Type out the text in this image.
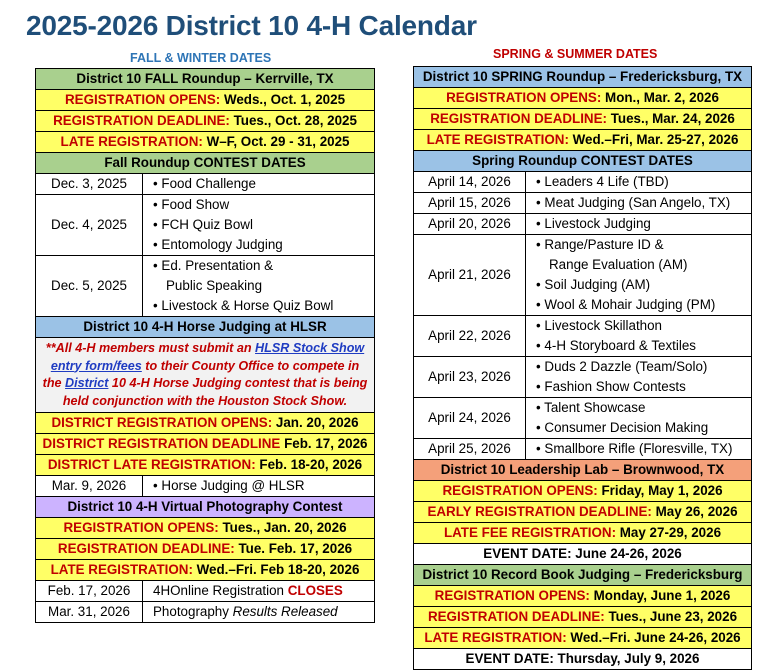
2025-2026 District 10 4-H Calendar
FALL & WINTER DATES	SPRING & SUMMER DATES
District 10 FALL Roundup – Kerrville, TX	
REGISTRATION OPENS: Weds., Oct. 1, 2025	
REGISTRATION DEADLINE: Tues., Oct. 28, 2025	
LATE REGISTRATION: W–F, Oct. 29 - 31, 2025	
Fall Roundup CONTEST DATES	
Dec. 3, 2025	• Food Challenge

Dec. 4, 2025	• Food Show
• FCH Quiz Bowl
• Entomology Judging

Dec. 5, 2025	• Ed. Presentation &
Public Speaking
• Livestock & Horse Quiz Bowl

District 10 4-H Horse Judging at HLSR	
**All 4-H members must submit an HLSR Stock Show entry form/fees to their County Office to compete in the District 10 4-H Horse Judging contest that is being held conjunction with the Houston Stock Show.	
DISTRICT REGISTRATION OPENS: Jan. 20, 2026	
DISTRICT REGISTRATION DEADLINE Feb. 17, 2026	
DISTRICT LATE REGISTRATION: Feb. 18-20, 2026	
Mar. 9, 2026	• Horse Judging @ HLSR
District 10 4-H Virtual Photography Contest	
REGISTRATION OPENS: Tues., Jan. 20, 2026	
REGISTRATION DEADLINE: Tue. Feb. 17, 2026	
LATE REGISTRATION: Wed.–Fri. Feb 18-20, 2026	
Feb. 17, 2026	4HOnline Registration CLOSES
Mar. 31, 2026	Photography Results Released
District 10 SPRING Roundup – Fredericksburg, TX	
REGISTRATION OPENS: Mon., Mar. 2, 2026	
REGISTRATION DEADLINE: Tues., Mar. 24, 2026	
LATE REGISTRATION: Wed.–Fri, Mar. 25-27, 2026	
Spring Roundup CONTEST DATES	
April 14, 2026	• Leaders 4 Life (TBD)

April 15, 2026	• Meat Judging (San Angelo, TX)

April 20, 2026	• Livestock Judging

April 21, 2026	• Range/Pasture ID &
Range Evaluation (AM)
• Soil Judging (AM)
• Wool & Mohair Judging (PM)

April 22, 2026	• Livestock Skillathon
• 4-H Storyboard & Textiles

April 23, 2026	• Duds 2 Dazzle (Team/Solo)
• Fashion Show Contests

April 24, 2026	• Talent Showcase
• Consumer Decision Making

April 25, 2026	• Smallbore Rifle (Floresville, TX)

District 10 Leadership Lab – Brownwood, TX	
REGISTRATION OPENS: Friday, May 1, 2026	
EARLY REGISTRATION DEADLINE: May 26, 2026	
LATE FEE REGISTRATION: May 27-29, 2026	
EVENT DATE: June 24-26, 2026	
District 10 Record Book Judging – Fredericksburg	
REGISTRATION OPENS: Monday, June 1, 2026	
REGISTRATION DEADLINE: Tues., June 23, 2026	
LATE REGISTRATION: Wed.–Fri. June 24-26, 2026	
EVENT DATE: Thursday, July 9, 2026	
